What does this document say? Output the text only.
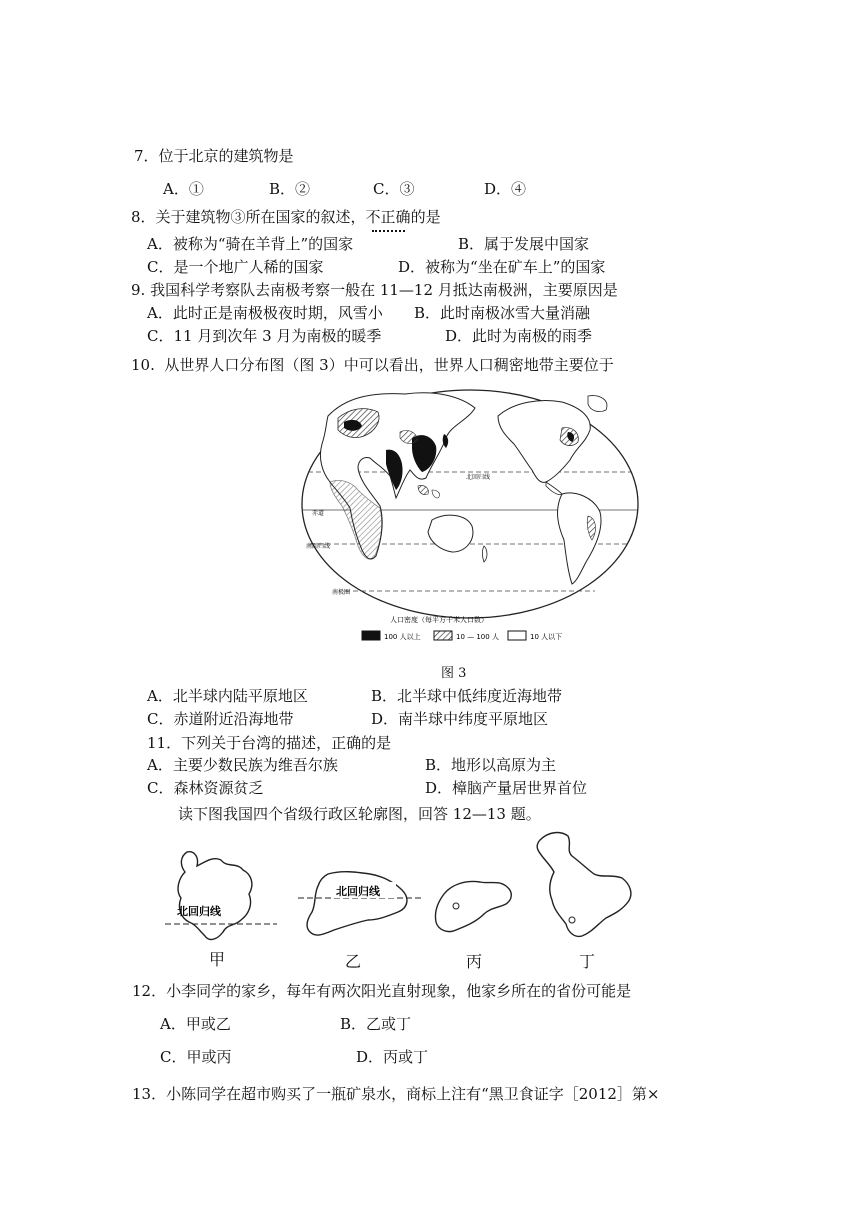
7．位于北京的建筑物是
A．①	B．②	C．③	D．④
8．关于建筑物③所在国家的叙述，不正确的是
A．被称为“骑在羊背上”的国家	B．属于发展中国家
C．是一个地广人稀的国家	D．被称为“坐在矿车上”的国家
9. 我国科学考察队去南极考察一般在 11—12 月抵达南极洲，主要原因是
A．此时正是南极极夜时期，风雪小 B．此时南极冰雪大量消融
C．11 月到次年 3 月为南极的暖季	D．此时为南极的雨季
10.  从世界人口分布图（图 3）中可以看出，世界人口稠密地带主要位于
北回归线
赤道
南回归线
南极圈
人口密度（每平方千米人口数）
100 人以上	10 — 100 人	10 人以下
图 3
A．北半球内陆平原地区	B．北半球中低纬度近海地带
C．赤道附近沿海地带	D．南半球中纬度平原地区
11．下列关于台湾的描述，正确的是
A．主要少数民族为维吾尔族	B．地形以高原为主
C．森林资源贫乏	D．樟脑产量居世界首位
读下图我国四个省级行政区轮廓图，回答 12—13 题。
北回归线
北回归线
甲	乙	丙	丁
12．小李同学的家乡，每年有两次阳光直射现象，他家乡所在的省份可能是
A．甲或乙	B．乙或丁
C．甲或丙	D．丙或丁
13．小陈同学在超市购买了一瓶矿泉水，商标上注有“黑卫食证字［2012］第×
